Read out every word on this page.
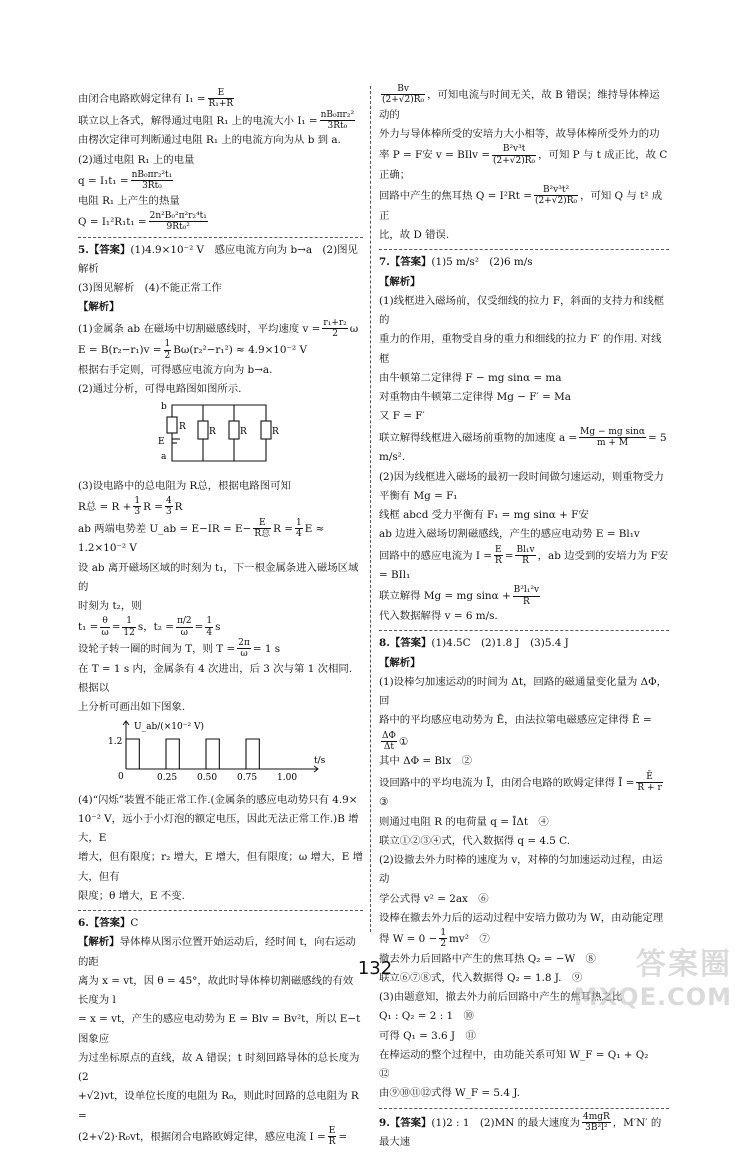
由闭合电路欧姆定律有 $I_1 = \frac{E}{\text{R₁+R}}$

联立以上各式，解得通过电阻 R₁ 上的电流大小 $I_1 = \frac{\text{nB₀πr₂²}}{\text{3Rt₀}}$

由楞次定律可判断通过电阻 R₁ 上的电流方向为从 b 到 a.

(2)通过电阻 R₁ 上的电量

$q = I_1t_1 = \frac{\text{nB₀πr₂²t₁}}{\text{3Rt₀}}$

电阻 R₁ 上产生的热量

$Q = I_1^2R_1t_1 = \frac{\text{2n²B₀²π²r₂⁴t₁}}{\text{9Rt₀²}}$

5.【答案】(1)4.9×10⁻² V　感应电流方向为 b→a　(2)图见解析

(3)图见解析　(4)不能正常工作

【解析】

(1)金属条 ab 在磁场中切割磁感线时，平均速度 $v = \frac{\text{r₁+r₂}}{2}$ ω

$E = B(r_2-r_1)v = \frac{1}{2} B\omega(r_2^2-r_1^2) \approx 4.9\times 10^{-2}$ V

根据右手定则，可得感应电流方向为 b→a.

(2)通过分析，可得电路图如图所示.

b
E
a
R	R	R	R

(3)设电路中的总电阻为 R总，根据电路图可知

R总 = $R + \frac{1}{3}$ $R = \frac{4}{3}$ R

ab 两端电势差 U_ab = $E-IR = E- \frac{E}{\text{R总}}$ $R = \frac{1}{4}$ E ≈ 1.2×10⁻² V

设 ab 离开磁场区域的时刻为 t₁，下一根金属条进入磁场区域的

时刻为 t₂，则

$t_1 = \frac{\theta}{\omega} = \frac{1}{12}$ s，$t_2 = \frac{\pi/2}{\omega} = \frac{1}{4}$ s

设轮子转一圈的时间为 T，则 $T = \frac{2\pi}{\omega} = 1$ s

在 T = 1 s 内，金属条有 4 次进出，后 3 次与第 1 次相同. 根据以

上分析可画出如下图象.

0.25 0.50 0.75 1.00
U_ab/(×10⁻² V)
1.2
0
t/s

(4)“闪烁”装置不能正常工作.(金属条的感应电动势只有 4.9×

10⁻² V，远小于小灯泡的额定电压，因此无法正常工作.)B 增大，E

增大，但有限度；r₂ 增大，E 增大，但有限度；ω 增大，E 增大，但有

限度；θ 增大，E 不变.

6.【答案】C

【解析】导体棒从图示位置开始运动后，经时间 t，向右运动的距

离为 x = vt，因 θ = 45°，故此时导体棒切割磁感线的有效长度为 l

= x = vt，产生的感应电动势为 E = Blv = Bv²t，所以 E−t 图象应

为过坐标原点的直线，故 A 错误；t 时刻回路导体的总长度为 (2

+√2)vt，设单位长度的电阻为 R₀，则此时回路的总电阻为 R =

(2+√2)·R₀vt，根据闭合电路欧姆定律，感应电流 $I = \frac{E}{R}$ =

$\frac{Bv}{\text{(2+√2)R₀}}$ ，可知电流与时间无关，故 B 错误；维持导体棒运动的

外力与导体棒所受的安培力大小相等，故导体棒所受外力的功

率 P = F安 v = BIlv = $\frac{\text{B²v³t}}{\text{(2+√2)R₀}}$ ，可知 P 与 t 成正比，故 C 正确；

回路中产生的焦耳热 $Q = I^2Rt = \frac{\text{B²v³t²}}{\text{(2+√2)R₀}}$ ，可知 Q 与 t² 成正

比，故 D 错误.

7.【答案】(1)5 m/s²　(2)6 m/s

【解析】

(1)线框进入磁场前，仅受细线的拉力 F，斜面的支持力和线框的

重力的作用，重物受自身的重力和细线的拉力 F′ 的作用. 对线框

由牛顿第二定律得 F − mg sinα = ma

对重物由牛顿第二定律得 Mg − F′ = Ma

又 F = F′

联立解得线框进入磁场前重物的加速度 $a = \frac{\text{Mg − mg sinα}}{m + M} = 5$

m/s².

(2)因为线框进入磁场的最初一段时间做匀速运动，则重物受力

平衡有 Mg = F₁

线框 abcd 受力平衡有 F₁ = mg sinα + F安

ab 边进入磁场切割磁感线，产生的感应电动势 E = Bl₁v

回路中的感应电流为 $I = \frac{E}{R} = \frac{\text{Bl₁v}}{R}$ ，ab 边受到的安培力为 F安

= BIl₁

联立解得 Mg = mg $\sin\alpha + \frac{\text{B²l₁²v}}{R}$

代入数据解得 v = 6 m/s.

8.【答案】(1)4.5C　(2)1.8 J　(3)5.4 J

【解析】

(1)设棒匀加速运动的时间为 Δt，回路的磁通量变化量为 ΔΦ，回

路中的平均感应电动势为 Ē，由法拉第电磁感应定律得 Ē =
$\frac{\Delta\Phi}{\Delta t}$ ①

其中 ΔΦ = Blx　②

设回路中的平均电流为 Ī，由闭合电路的欧姆定律得 Ī = $\frac{Ē}{R + r}$

③

则通过电阻 R 的电荷量 q = ĪΔt　④

联立①②③④式，代入数据得 q = 4.5 C.

(2)设撤去外力时棒的速度为 v，对棒的匀加速运动过程，由运动

学公式得 v² = 2ax　⑥

设棒在撤去外力后的运动过程中安培力做功为 W，由动能定理

得 $W = 0 - \frac{1}{2} mv^2$　⑦

撤去外力后回路中产生的焦耳热 Q₂ = −W　⑧

联立⑥⑦⑧式，代入数据得 Q₂ = 1.8 J.　⑨

(3)由题意知，撤去外力前后回路中产生的焦耳热之比

Q₁ : Q₂ = 2 : 1　⑩

可得 Q₁ = 3.6 J　⑪

在棒运动的整个过程中，由功能关系可知 W_F = Q₁ + Q₂　⑫

由⑨⑩⑪⑫式得 W_F = 5.4 J.

9.【答案】(1)2 : 1　(2)MN 的最大速度为 $\frac{\text{4mgR}}{\text{3B²l²}}$ ，M′N′ 的最大速

132	答案圈
MXQE.COM
